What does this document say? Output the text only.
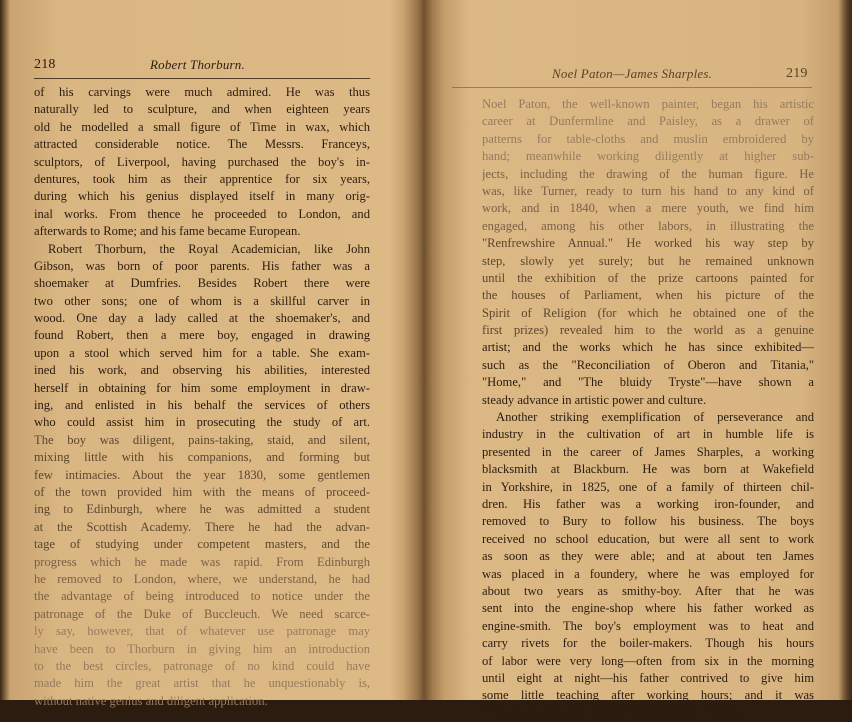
218	Robert Thorburn.
of his carvings were much admired. He was thus
naturally led to sculpture, and when eighteen years
old he modelled a small figure of Time in wax, which
attracted considerable notice. The Messrs. Franceys,
sculptors, of Liverpool, having purchased the boy's in-
dentures, took him as their apprentice for six years,
during which his genius displayed itself in many orig-
inal works. From thence he proceeded to London, and
afterwards to Rome; and his fame became European.
Robert Thorburn, the Royal Academician, like John
Gibson, was born of poor parents. His father was a
shoemaker at Dumfries. Besides Robert there were
two other sons; one of whom is a skillful carver in
wood. One day a lady called at the shoemaker's, and
found Robert, then a mere boy, engaged in drawing
upon a stool which served him for a table. She exam-
ined his work, and observing his abilities, interested
herself in obtaining for him some employment in draw-
ing, and enlisted in his behalf the services of others
who could assist him in prosecuting the study of art.
The boy was diligent, pains-taking, staid, and silent,
mixing little with his companions, and forming but
few intimacies. About the year 1830, some gentlemen
of the town provided him with the means of proceed-
ing to Edinburgh, where he was admitted a student
at the Scottish Academy. There he had the advan-
tage of studying under competent masters, and the
progress which he made was rapid. From Edinburgh
he removed to London, where, we understand, he had
the advantage of being introduced to notice under the
patronage of the Duke of Buccleuch. We need scarce-
ly say, however, that of whatever use patronage may
have been to Thorburn in giving him an introduction
to the best circles, patronage of no kind could have
made him the great artist that he unquestionably is,
without native genius and diligent application.
Noel Paton—James Sharples.	219
Noel Paton, the well-known painter, began his artistic
career at Dunfermline and Paisley, as a drawer of
patterns for table-cloths and muslin embroidered by
hand; meanwhile working diligently at higher sub-
jects, including the drawing of the human figure. He
was, like Turner, ready to turn his hand to any kind of
work, and in 1840, when a mere youth, we find him
engaged, among his other labors, in illustrating the
"Renfrewshire Annual." He worked his way step by
step, slowly yet surely; but he remained unknown
until the exhibition of the prize cartoons painted for
the houses of Parliament, when his picture of the
Spirit of Religion (for which he obtained one of the
first prizes) revealed him to the world as a genuine
artist; and the works which he has since exhibited—
such as the "Reconciliation of Oberon and Titania,"
"Home," and "The bluidy Tryste"—have shown a
steady advance in artistic power and culture.
Another striking exemplification of perseverance and
industry in the cultivation of art in humble life is
presented in the career of James Sharples, a working
blacksmith at Blackburn. He was born at Wakefield
in Yorkshire, in 1825, one of a family of thirteen chil-
dren. His father was a working iron-founder, and
removed to Bury to follow his business. The boys
received no school education, but were all sent to work
as soon as they were able; and at about ten James
was placed in a foundery, where he was employed for
about two years as smithy-boy. After that he was
sent into the engine-shop where his father worked as
engine-smith. The boy's employment was to heat and
carry rivets for the boiler-makers. Though his hours
of labor were very long—often from six in the morning
until eight at night—his father contrived to give him
some little teaching after working hours; and it was
thus that he partially learned his letters. An incident
